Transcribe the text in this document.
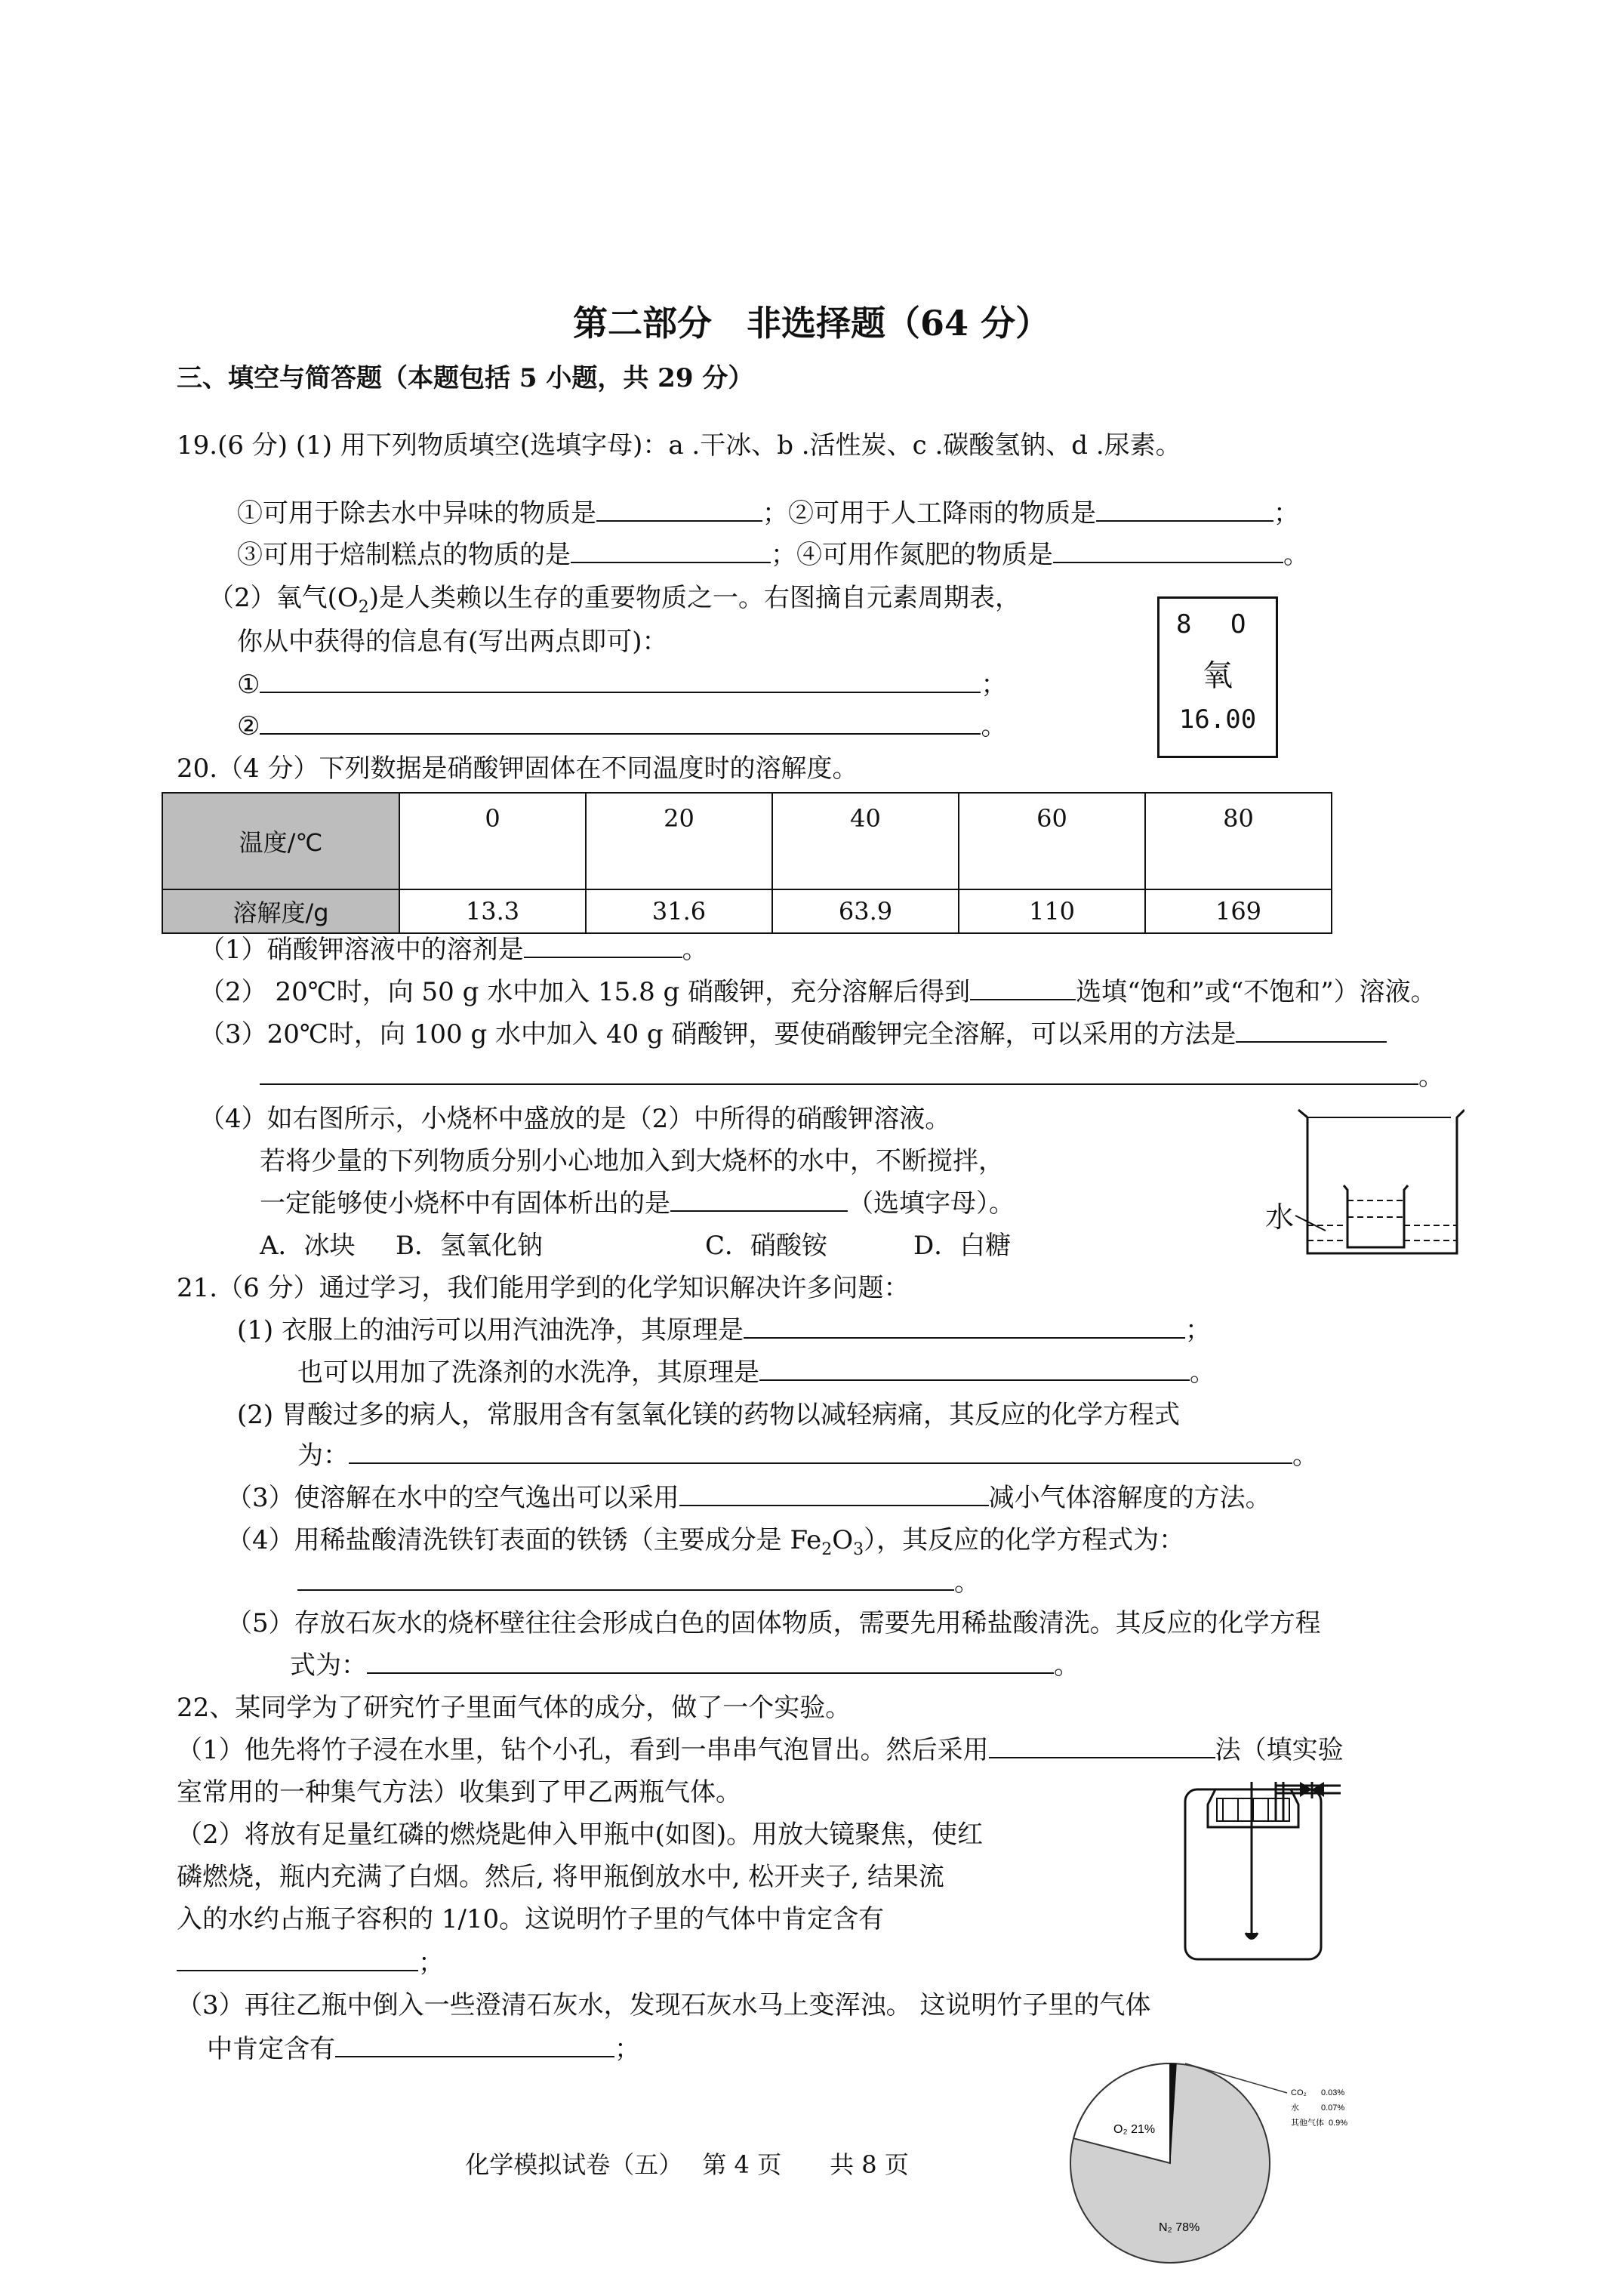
第二部分　非选择题（64 分）
三、填空与简答题（本题包括 5 小题，共 29 分）
19.(6 分) (1) 用下列物质填空(选填字母)：a .干冰、b .活性炭、c .碳酸氢钠、d .尿素。
①可用于除去水中异味的物质是	；②可用于人工降雨的物质是	；
③可用于焙制糕点的物质的是	；④可用作氮肥的物质是	。
（2）氧气$(O_2)$是人类赖以生存的重要物质之一。右图摘自元素周期表，
你从中获得的信息有(写出两点即可)：
①	；
②	。
8 O
氧
16.00
20.（4 分）下列数据是硝酸钾固体在不同温度时的溶解度。
温度/℃	0	20	40	60	80
溶解度/g	13.3	31.6	63.9	110	169
（1）硝酸钾溶液中的溶剂是	。
（2） 20℃时，向 50 g 水中加入 15.8 g 硝酸钾，充分溶解后得到	选填“饱和”或“不饱和”）溶液。
（3）20℃时，向 100 g 水中加入 40 g 硝酸钾，要使硝酸钾完全溶解，可以采用的方法是
。
（4）如右图所示，小烧杯中盛放的是（2）中所得的硝酸钾溶液。
若将少量的下列物质分别小心地加入到大烧杯的水中，不断搅拌，
一定能够使小烧杯中有固体析出的是	（选填字母）。
A．冰块 B．氢氧化钠	C．硝酸铵	D．白糖
水
21.（6 分）通过学习，我们能用学到的化学知识解决许多问题：
(1) 衣服上的油污可以用汽油洗净，其原理是	；
也可以用加了洗涤剂的水洗净，其原理是	。
(2) 胃酸过多的病人，常服用含有氢氧化镁的药物以减轻病痛，其反应的化学方程式
为：	。
（3）使溶解在水中的空气逸出可以采用	减小气体溶解度的方法。
（4）用稀盐酸清洗铁钉表面的铁锈（主要成分是 $Fe_2O_3$），其反应的化学方程式为：
。
（5）存放石灰水的烧杯壁往往会形成白色的固体物质，需要先用稀盐酸清洗。其反应的化学方程
式为：	。
22、某同学为了研究竹子里面气体的成分，做了一个实验。
（1）他先将竹子浸在水里，钻个小孔，看到一串串气泡冒出。然后采用	法（填实验
室常用的一种集气方法）收集到了甲乙两瓶气体。
（2）将放有足量红磷的燃烧匙伸入甲瓶中(如图)。用放大镜聚焦，使红
磷燃烧，瓶内充满了白烟。然后, 将甲瓶倒放水中, 松开夹子, 结果流
入的水约占瓶子容积的 1/10。这说明竹子里的气体中肯定含有
；
（3）再往乙瓶中倒入一些澄清石灰水，发现石灰水马上变浑浊。 这说明竹子里的气体
中肯定含有	；
O₂ 21%
N₂ 78%
CO₂ 0.03%
水	0.07%
其他气体 0.9%
化学模拟试卷（五）　 第 4 页　　共 8 页
